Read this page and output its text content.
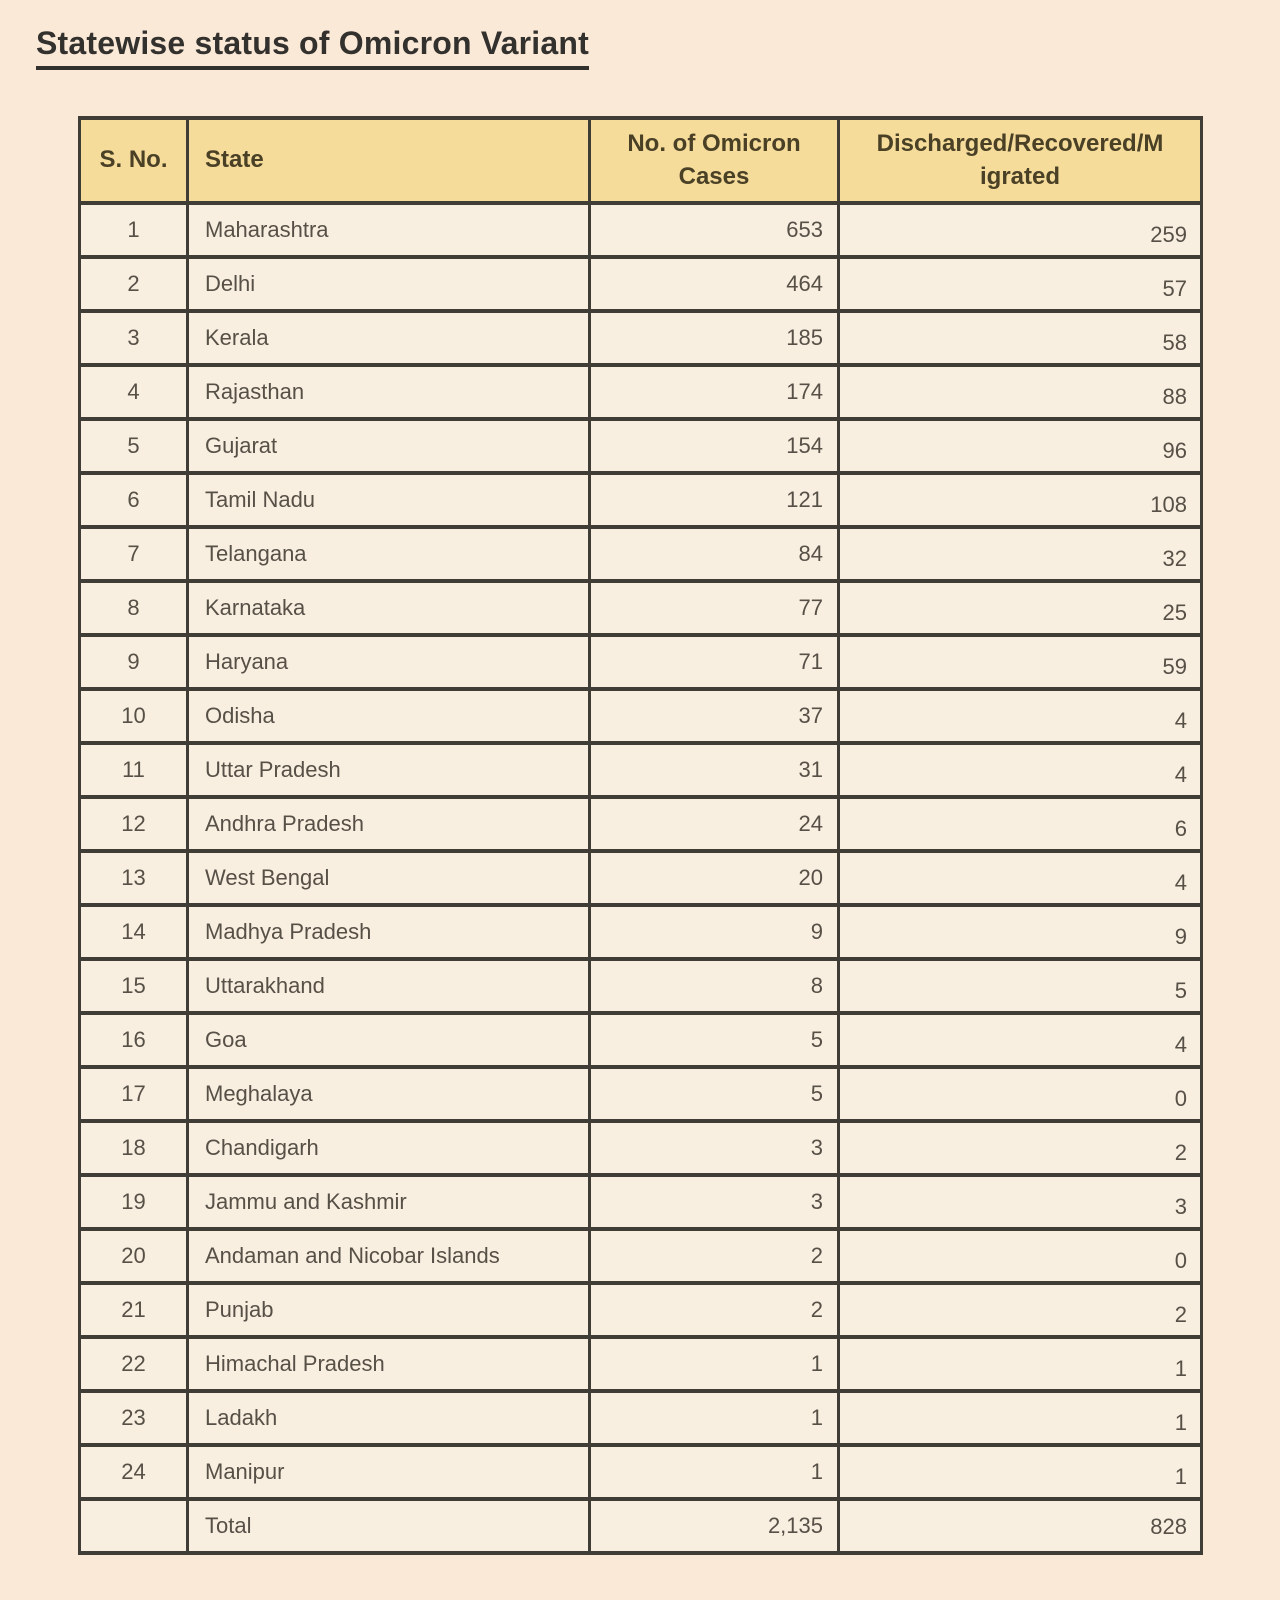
Statewise status of Omicron Variant
S. No.	State	No. of Omicron Cases	Discharged/Recovered/M
igrated

1	Maharashtra	653	259
2	Delhi	464	57
3	Kerala	185	58
4	Rajasthan	174	88
5	Gujarat	154	96
6	Tamil Nadu	121	108
7	Telangana	84	32
8	Karnataka	77	25
9	Haryana	71	59
10	Odisha	37	4
11	Uttar Pradesh	31	4
12	Andhra Pradesh	24	6
13	West Bengal	20	4
14	Madhya Pradesh	9	9
15	Uttarakhand	8	5
16	Goa	5	4
17	Meghalaya	5	0
18	Chandigarh	3	2
19	Jammu and Kashmir	3	3
20	Andaman and Nicobar Islands	2	0
21	Punjab	2	2
22	Himachal Pradesh	1	1
23	Ladakh	1	1
24	Manipur	1	1
	Total	2,135	828
